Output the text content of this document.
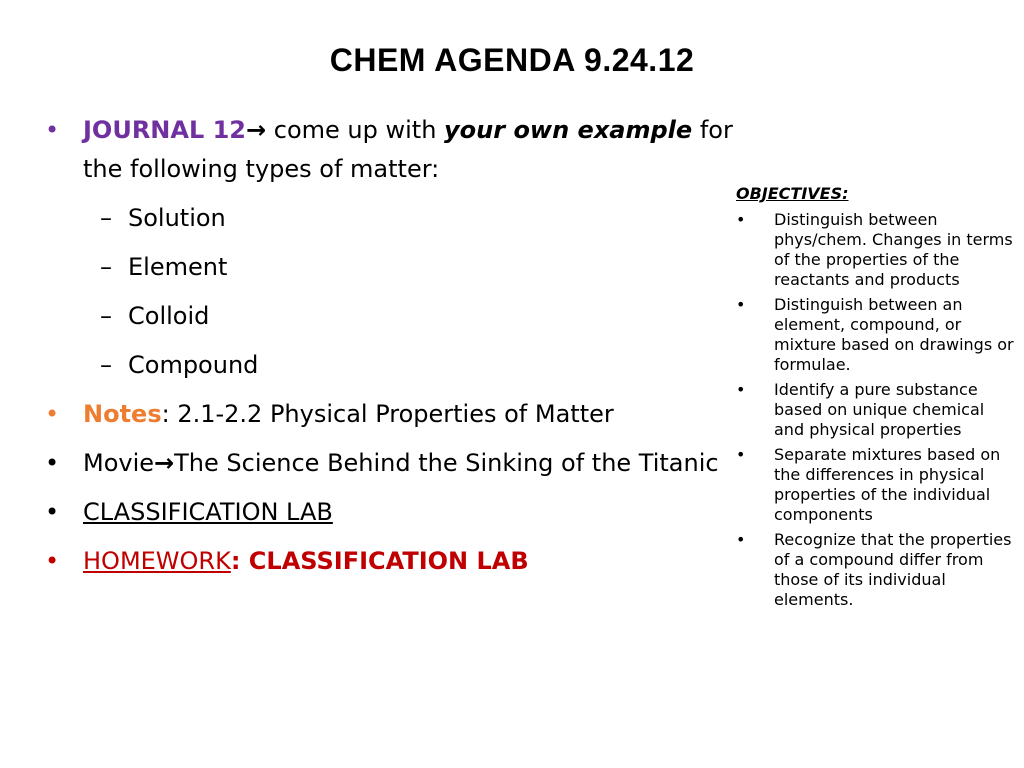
CHEM AGENDA 9.24.12
• JOURNAL 12→ come up with your own example for the following types of matter:
– Solution
– Element
– Colloid
– Compound
• Notes: 2.1-2.2 Physical Properties of Matter
• Movie→The Science Behind the Sinking of the Titanic
• CLASSIFICATION LAB
• HOMEWORK: CLASSIFICATION LAB
OBJECTIVES:
• Distinguish between phys/chem. Changes in terms of the properties of the reactants and products
• Distinguish between an element, compound, or mixture based on drawings or formulae.
• Identify a pure substance based on unique chemical and physical properties
• Separate mixtures based on the differences in physical properties of the individual components
• Recognize that the properties of a compound differ from those of its individual elements.
